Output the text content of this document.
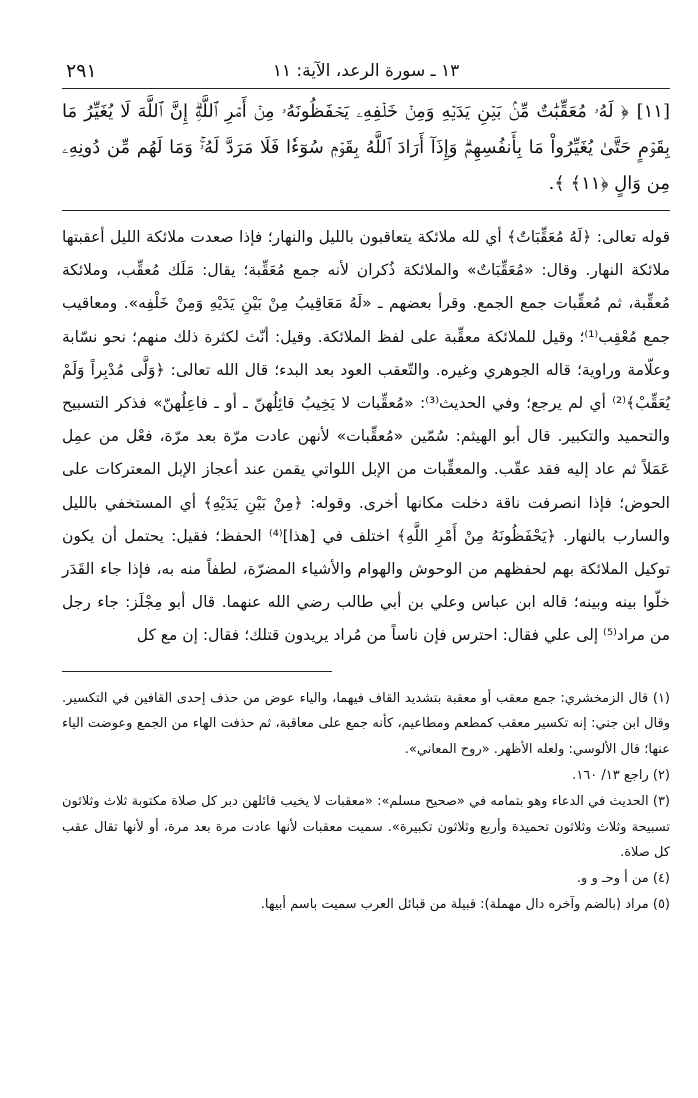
٢٩١	١٣ ـ سورة الرعد، الآية: ١١
[١١]﴿ لَهُۥ مُعَقِّبَٰتٌ مِّنۢ بَيۡنِ يَدَيۡهِ وَمِنۡ خَلۡفِهِۦ يَحۡفَظُونَهُۥ مِنۡ أَمۡرِ ٱللَّهِۗ إِنَّ ٱللَّهَ لَا يُغَيِّرُ مَا بِقَوۡمٍ حَتَّىٰ يُغَيِّرُواْ مَا بِأَنفُسِهِمۡۗ وَإِذَآ أَرَادَ ٱللَّهُ بِقَوۡمٖ سُوٓءٗا فَلَا مَرَدَّ لَهُۥۚ وَمَا لَهُم مِّن دُونِهِۦ مِن وَالٍ ﴿١١﴾ ﴾.

قوله تعالى: ﴿لَهُ مُعَقِّبَاتٌ﴾ أي لله ملائكة يتعاقبون بالليل والنهار؛ فإذا صعدت ملائكة الليل أعقبتها ملائكة النهار. وقال: «مُعَقِّبَاتٌ» والملائكة ذُكران لأنه جمع مُعَقِّبة؛ يقال: مَلَك مُعقِّب، وملائكة مُعقِّبة، ثم مُعقِّبات جمع الجمع. وقرأ بعضهم ـ «لَهُ مَعَاقِيبُ مِنْ بَيْنِ يَدَيْهِ وَمِنْ خَلْفِه». ومعاقيب جمع مُعْقِب⁽¹⁾؛ وقيل للملائكة معقِّبة على لفظ الملائكة. وقيل: أنّث لكثرة ذلك منهم؛ نحو نسّابة وعلّامة وراوية؛ قاله الجوهري وغيره. والتّعقب العود بعد البدء؛ قال الله تعالى: ﴿وَلَّى مُدْبِراً وَلَمْ يُعَقِّبْ﴾⁽²⁾ أي لم يرجع؛ وفي الحديث⁽³⁾: «مُعقِّبات لا يَخِيبُ قائِلُهنّ ـ أو ـ فاعِلُهنّ» فذكر التسبيح والتحميد والتكبير. قال أبو الهيثم: سُمّين «مُعقِّبات» لأنهن عادت مرّة بعد مرّة، فعْل من عمِل عَمَلاً ثم عاد إليه فقد عقّب. والمعقِّبات من الإبل اللواتي يقمن عند أعجاز الإبل المعتركات على الحوض؛ فإذا انصرفت ناقة دخلت مكانها أخرى. وقوله: ﴿مِنْ بَيْنِ يَدَيْهِ﴾ أي المستخفي بالليل والسارب بالنهار. ﴿يَحْفَظُونَهُ مِنْ أَمْرِ اللَّهِ﴾ اختلف في [هذا]⁽⁴⁾ الحفظ؛ فقيل: يحتمل أن يكون توكيل الملائكة بهم لحفظهم من الوحوش والهوام والأشياء المضرّة، لطفاً منه به، فإذا جاء القَدَر خلّوا بينه وبينه؛ قاله ابن عباس وعلي بن أبي طالب رضي الله عنهما. قال أبو مِجْلَز: جاء رجل من مراد⁽⁵⁾ إلى علي فقال: احترس فإن ناساً من مُراد يريدون قتلك؛ فقال: إن مع كل

(١) قال الزمخشري: جمع معقب أو معقبة بتشديد القاف فيهما، والياء عوض من حذف إحدى القافين في التكسير. وقال ابن جني: إنه تكسير معقب كمطعم ومطاعيم، كأنه جمع على معاقبة، ثم حذفت الهاء من الجمع وعوضت الياء عنها؛ قال الألوسي: ولعله الأظهر. «روح المعاني».

(٢) راجع ١٣/ ١٦٠.

(٣) الحديث في الدعاء وهو بتمامه في «صحيح مسلم»: «معقبات لا يخيب قائلهن دبر كل صلاة مكتوبة ثلاث وثلاثون تسبيحة وثلاث وثلاثون تحميدة وأربع وثلاثون تكبيرة». سميت معقبات لأنها عادت مرة بعد مرة، أو لأنها تقال عقب كل صلاة.

(٤) من أ وحـ و و.

(٥) مراد (بالضم وآخره دال مهملة): قبيلة من قبائل العرب سميت باسم أبيها.
